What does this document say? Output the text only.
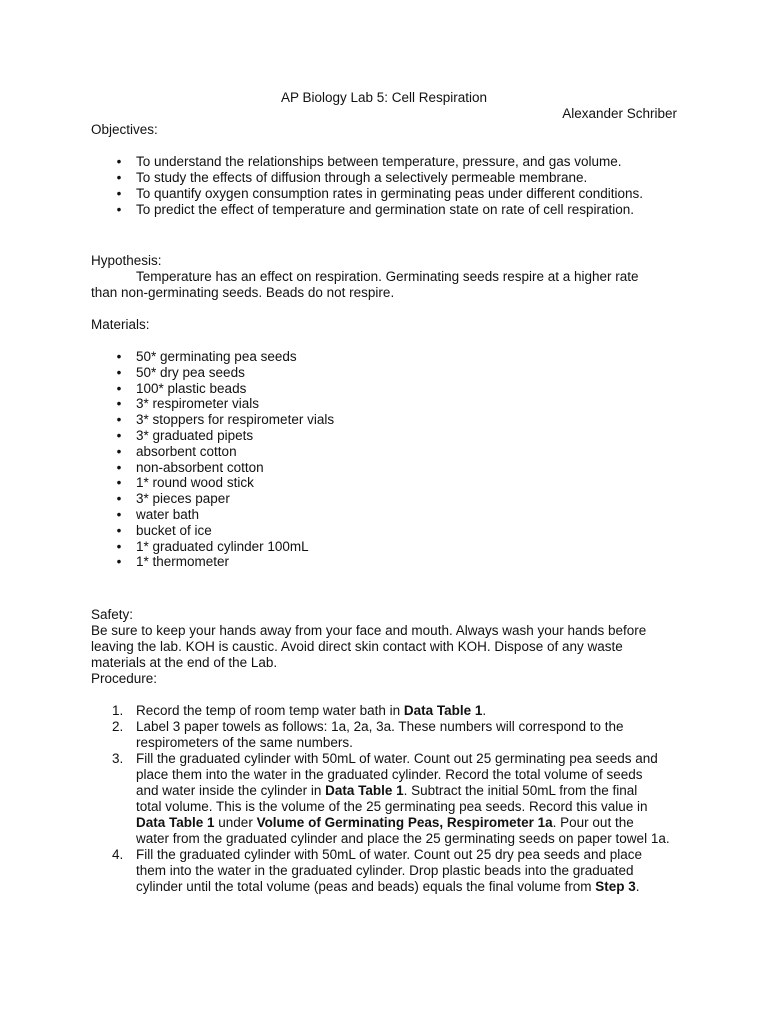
AP Biology Lab 5: Cell Respiration
Alexander Schriber
Objectives:
• To understand the relationships between temperature, pressure, and gas volume.
• To study the effects of diffusion through a selectively permeable membrane.
• To quantify oxygen consumption rates in germinating peas under different conditions.
• To predict the effect of temperature and germination state on rate of cell respiration.
Hypothesis:
Temperature has an effect on respiration. Germinating seeds respire at a higher rate
than non-germinating seeds. Beads do not respire.
Materials:
• 50* germinating pea seeds
• 50* dry pea seeds
• 100* plastic beads
• 3* respirometer vials
• 3* stoppers for respirometer vials
• 3* graduated pipets
• absorbent cotton
• non-absorbent cotton
• 1* round wood stick
• 3* pieces paper
• water bath
• bucket of ice
• 1* graduated cylinder 100mL
• 1* thermometer
Safety:
Be sure to keep your hands away from your face and mouth. Always wash your hands before
leaving the lab. KOH is caustic. Avoid direct skin contact with KOH. Dispose of any waste
materials at the end of the Lab.
Procedure:
1. Record the temp of room temp water bath in Data Table 1.
2. Label 3 paper towels as follows: 1a, 2a, 3a. These numbers will correspond to the
respirometers of the same numbers.
3. Fill the graduated cylinder with 50mL of water. Count out 25 germinating pea seeds and
place them into the water in the graduated cylinder. Record the total volume of seeds
and water inside the cylinder in Data Table 1. Subtract the initial 50mL from the final
total volume. This is the volume of the 25 germinating pea seeds. Record this value in
Data Table 1 under Volume of Germinating Peas, Respirometer 1a. Pour out the
water from the graduated cylinder and place the 25 germinating seeds on paper towel 1a.
4. Fill the graduated cylinder with 50mL of water. Count out 25 dry pea seeds and place
them into the water in the graduated cylinder. Drop plastic beads into the graduated
cylinder until the total volume (peas and beads) equals the final volume from Step 3.
